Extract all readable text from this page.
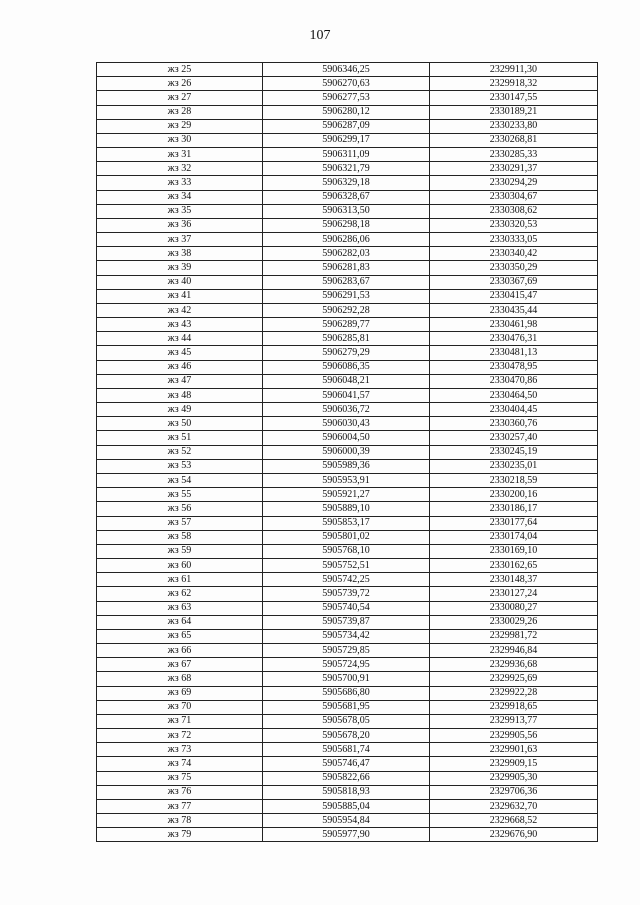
107
жз 25	5906346,25	2329911,30
жз 26	5906270,63	2329918,32
жз 27	5906277,53	2330147,55
жз 28	5906280,12	2330189,21
жз 29	5906287,09	2330233,80
жз 30	5906299,17	2330268,81
жз 31	5906311,09	2330285,33
жз 32	5906321,79	2330291,37
жз 33	5906329,18	2330294,29
жз 34	5906328,67	2330304,67
жз 35	5906313,50	2330308,62
жз 36	5906298,18	2330320,53
жз 37	5906286,06	2330333,05
жз 38	5906282,03	2330340,42
жз 39	5906281,83	2330350,29
жз 40	5906283,67	2330367,69
жз 41	5906291,53	2330415,47
жз 42	5906292,28	2330435,44
жз 43	5906289,77	2330461,98
жз 44	5906285,81	2330476,31
жз 45	5906279,29	2330481,13
жз 46	5906086,35	2330478,95
жз 47	5906048,21	2330470,86
жз 48	5906041,57	2330464,50
жз 49	5906036,72	2330404,45
жз 50	5906030,43	2330360,76
жз 51	5906004,50	2330257,40
жз 52	5906000,39	2330245,19
жз 53	5905989,36	2330235,01
жз 54	5905953,91	2330218,59
жз 55	5905921,27	2330200,16
жз 56	5905889,10	2330186,17
жз 57	5905853,17	2330177,64
жз 58	5905801,02	2330174,04
жз 59	5905768,10	2330169,10
жз 60	5905752,51	2330162,65
жз 61	5905742,25	2330148,37
жз 62	5905739,72	2330127,24
жз 63	5905740,54	2330080,27
жз 64	5905739,87	2330029,26
жз 65	5905734,42	2329981,72
жз 66	5905729,85	2329946,84
жз 67	5905724,95	2329936,68
жз 68	5905700,91	2329925,69
жз 69	5905686,80	2329922,28
жз 70	5905681,95	2329918,65
жз 71	5905678,05	2329913,77
жз 72	5905678,20	2329905,56
жз 73	5905681,74	2329901,63
жз 74	5905746,47	2329909,15
жз 75	5905822,66	2329905,30
жз 76	5905818,93	2329706,36
жз 77	5905885,04	2329632,70
жз 78	5905954,84	2329668,52
жз 79	5905977,90	2329676,90
